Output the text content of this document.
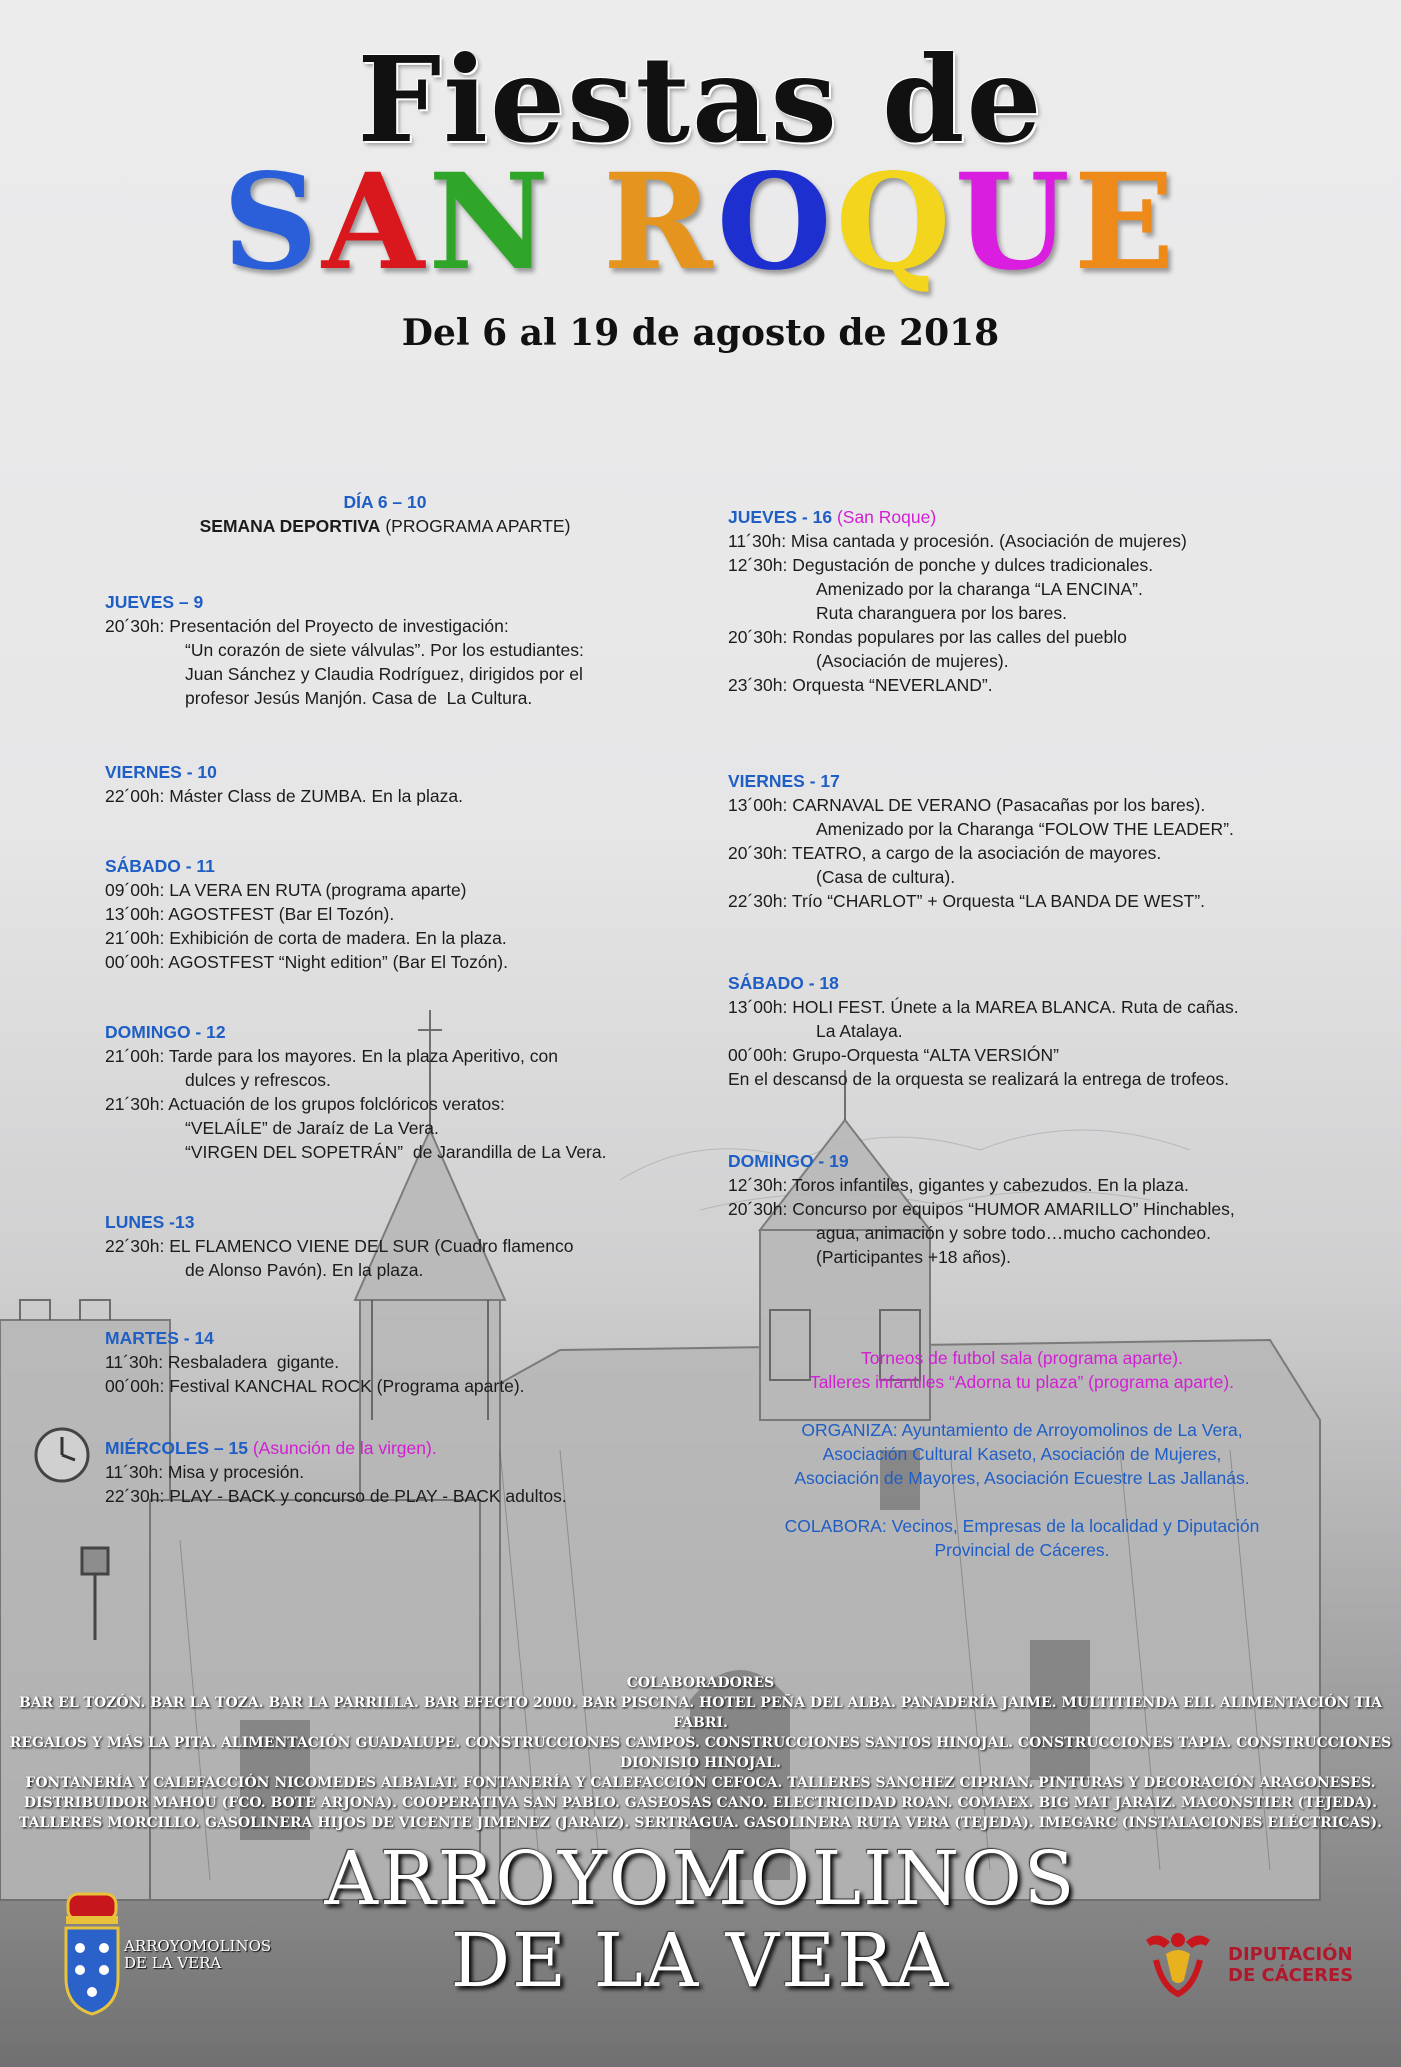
Fiestas de
SAN ROQUE
Del 6 al 19 de agosto de 2018
DÍA 6 – 10
SEMANA DEPORTIVA (PROGRAMA APARTE)
JUEVES – 9
20´30h: Presentación del Proyecto de investigación:
“Un corazón de siete válvulas”. Por los estudiantes:
Juan Sánchez y Claudia Rodríguez, dirigidos por el
profesor Jesús Manjón. Casa de  La Cultura.
VIERNES - 10
22´00h: Máster Class de ZUMBA. En la plaza.
SÁBADO - 11
09´00h: LA VERA EN RUTA (programa aparte)
13´00h: AGOSTFEST (Bar El Tozón).
21´00h: Exhibición de corta de madera. En la plaza.
00´00h: AGOSTFEST “Night edition” (Bar El Tozón).
DOMINGO - 12
21´00h: Tarde para los mayores. En la plaza Aperitivo, con
dulces y refrescos.
21´30h: Actuación de los grupos folclóricos veratos:
“VELAÍLE” de Jaraíz de La Vera.
“VIRGEN DEL SOPETRÁN”  de Jarandilla de La Vera.
LUNES -13
22´30h: EL FLAMENCO VIENE DEL SUR (Cuadro flamenco
de Alonso Pavón). En la plaza.
MARTES - 14
11´30h: Resbaladera  gigante.
00´00h: Festival KANCHAL ROCK (Programa aparte).
MIÉRCOLES – 15 (Asunción de la virgen).
11´30h: Misa y procesión.
22´30h: PLAY - BACK y concurso de PLAY - BACK adultos.
JUEVES - 16 (San Roque)
11´30h: Misa cantada y procesión. (Asociación de mujeres)
12´30h: Degustación de ponche y dulces tradicionales.
Amenizado por la charanga “LA ENCINA”.
Ruta charanguera por los bares.
20´30h: Rondas populares por las calles del pueblo
(Asociación de mujeres).
23´30h: Orquesta “NEVERLAND”.
VIERNES - 17
13´00h: CARNAVAL DE VERANO (Pasacañas por los bares).
Amenizado por la Charanga “FOLOW THE LEADER”.
20´30h: TEATRO, a cargo de la asociación de mayores.
(Casa de cultura).
22´30h: Trío “CHARLOT” + Orquesta “LA BANDA DE WEST”.
SÁBADO - 18
13´00h: HOLI FEST. Únete a la MAREA BLANCA. Ruta de cañas.
La Atalaya.
00´00h: Grupo-Orquesta “ALTA VERSIÓN”
En el descanso de la orquesta se realizará la entrega de trofeos.
DOMINGO - 19
12´30h: Toros infantiles, gigantes y cabezudos. En la plaza.
20´30h: Concurso por equipos “HUMOR AMARILLO” Hinchables,
agua, animación y sobre todo…mucho cachondeo.
(Participantes +18 años).
Torneos de futbol sala (programa aparte).
Talleres infantiles “Adorna tu plaza” (programa aparte).
ORGANIZA: Ayuntamiento de Arroyomolinos de La Vera,
Asociación Cultural Kaseto, Asociación de Mujeres,
Asociación de Mayores, Asociación Ecuestre Las Jallanás.
COLABORA: Vecinos, Empresas de la localidad y Diputación
Provincial de Cáceres.
COLABORADORES
BAR EL TOZÓN. BAR LA TOZA. BAR LA PARRILLA. BAR EFECTO 2000. BAR PISCINA. HOTEL PEÑA DEL ALBA. PANADERÍA JAIME. MULTITIENDA ELI. ALIMENTACIÓN TIA FABRI.
REGALOS Y MÁS LA PITA. ALIMENTACIÓN GUADALUPE. CONSTRUCCIONES CAMPOS. CONSTRUCCIONES SANTOS HINOJAL. CONSTRUCCIONES TAPIA. CONSTRUCCIONES DIONISIO HINOJAL.
FONTANERÍA Y CALEFACCIÓN NICOMEDES ALBALAT. FONTANERÍA Y CALEFACCIÓN CEFOCA. TALLERES SANCHEZ CIPRIAN. PINTURAS Y DECORACIÓN ARAGONESES.
DISTRIBUIDOR MAHOU (FCO. BOTE ARJONA). COOPERATIVA SAN PABLO. GASEOSAS CANO. ELECTRICIDAD ROAN. COMAEX. BIG MAT JARAIZ. MACONSTIER (TEJEDA).
TALLERES MORCILLO. GASOLINERA HIJOS DE VICENTE JIMENEZ (JARAIZ). SERTRAGUA. GASOLINERA RUTA VERA (TEJEDA). IMEGARC (INSTALACIONES ELÉCTRICAS).
ARROYOMOLINOS
DE LA VERA
ARROYOMOLINOS
DE LA VERA	DIPUTACIÓN
DE CÁCERES
